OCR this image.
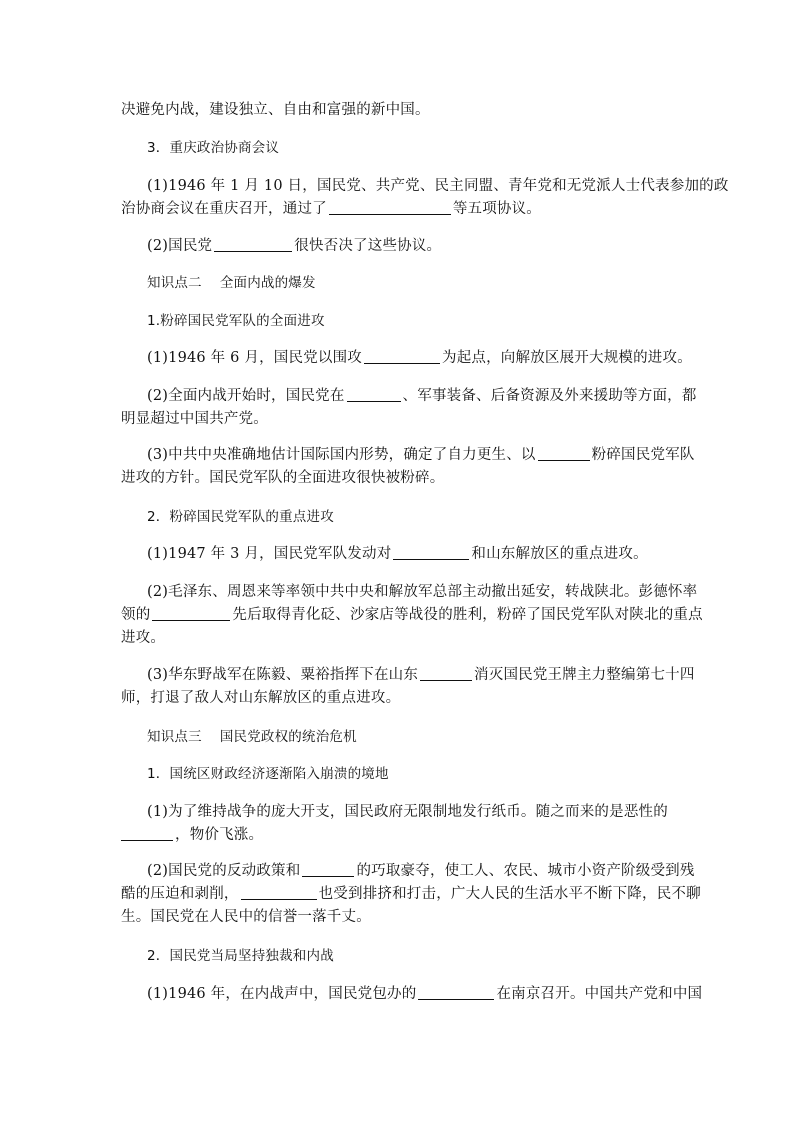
决避免内战，建设独立、自由和富强的新中国。
3．重庆政治协商会议
(1)1946 年 1 月 10 日，国民党、共产党、民主同盟、青年党和无党派人士代表参加的政
治协商会议在重庆召开，通过了	等五项协议。
(2)国民党	很快否决了这些协议。
知识点二 全面内战的爆发
1.粉碎国民党军队的全面进攻
(1)1946 年 6 月，国民党以围攻	为起点，向解放区展开大规模的进攻。
(2)全面内战开始时，国民党在	、军事装备、后备资源及外来援助等方面，都
明显超过中国共产党。
(3)中共中央准确地估计国际国内形势，确定了自力更生、以	粉碎国民党军队
进攻的方针。国民党军队的全面进攻很快被粉碎。
2．粉碎国民党军队的重点进攻
(1)1947 年 3 月，国民党军队发动对	和山东解放区的重点进攻。
(2)毛泽东、周恩来等率领中共中央和解放军总部主动撤出延安，转战陕北。彭德怀率
领的	先后取得青化砭、沙家店等战役的胜利，粉碎了国民党军队对陕北的重点
进攻。
(3)华东野战军在陈毅、粟裕指挥下在山东	消灭国民党王牌主力整编第七十四
师，打退了敌人对山东解放区的重点进攻。
知识点三 国民党政权的统治危机
1．国统区财政经济逐渐陷入崩溃的境地
(1)为了维持战争的庞大开支，国民政府无限制地发行纸币。随之而来的是恶性的
，物价飞涨。
(2)国民党的反动政策和	的巧取豪夺，使工人、农民、城市小资产阶级受到残
酷的压迫和剥削，	也受到排挤和打击，广大人民的生活水平不断下降，民不聊
生。国民党在人民中的信誉一落千丈。
2．国民党当局坚持独裁和内战
(1)1946 年，在内战声中，国民党包办的	在南京召开。中国共产党和中国
